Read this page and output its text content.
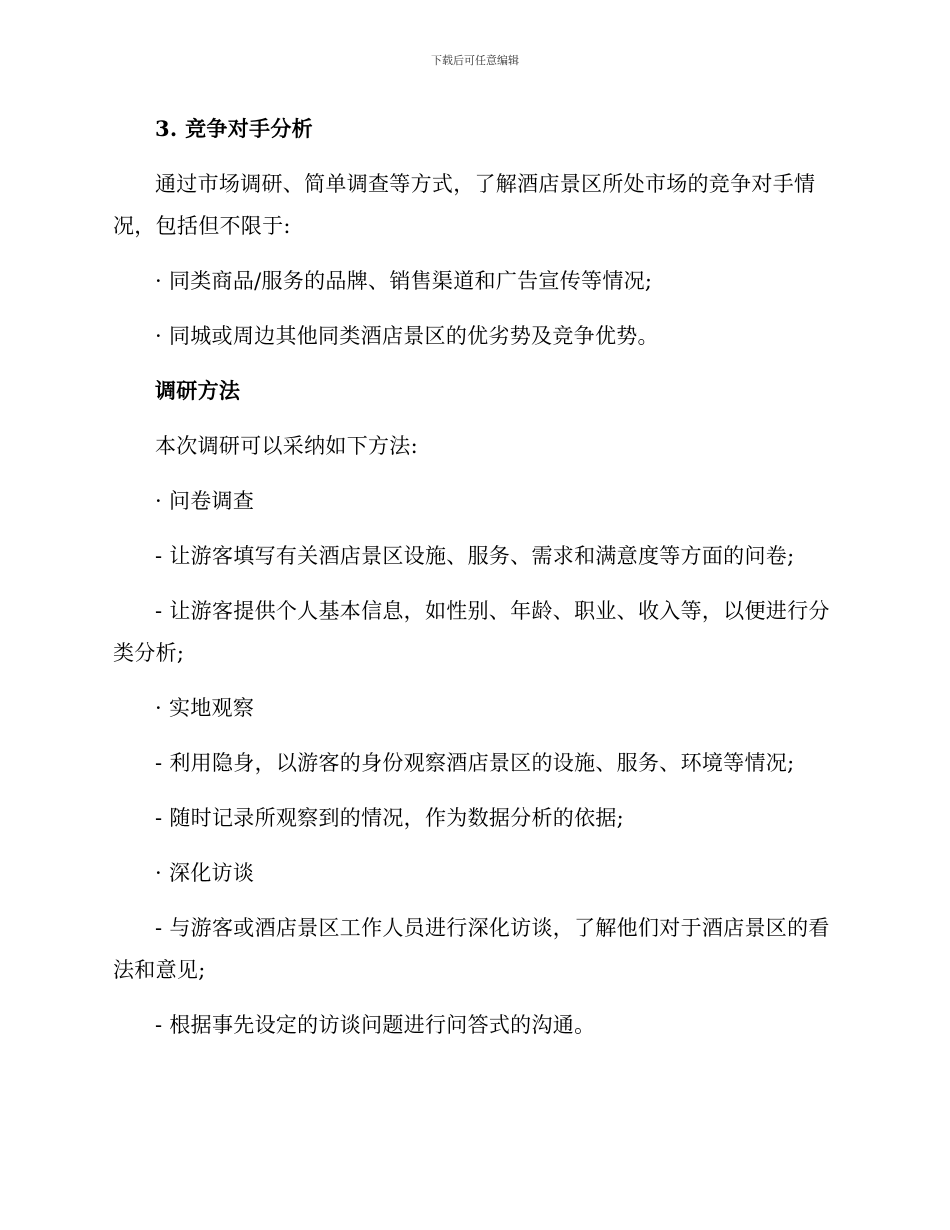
下载后可任意编辑

3. 竞争对手分析

通过市场调研、简单调查等方式，了解酒店景区所处市场的竞争对手情况，包括但不限于:

· 同类商品/服务的品牌、销售渠道和广告宣传等情况;

· 同城或周边其他同类酒店景区的优劣势及竞争优势。

调研方法

本次调研可以采纳如下方法:

· 问卷调查

- 让游客填写有关酒店景区设施、服务、需求和满意度等方面的问卷;

- 让游客提供个人基本信息，如性别、年龄、职业、收入等，以便进行分类分析;

· 实地观察

- 利用隐身，以游客的身份观察酒店景区的设施、服务、环境等情况;

- 随时记录所观察到的情况，作为数据分析的依据;

· 深化访谈

- 与游客或酒店景区工作人员进行深化访谈，了解他们对于酒店景区的看法和意见;

- 根据事先设定的访谈问题进行问答式的沟通。
